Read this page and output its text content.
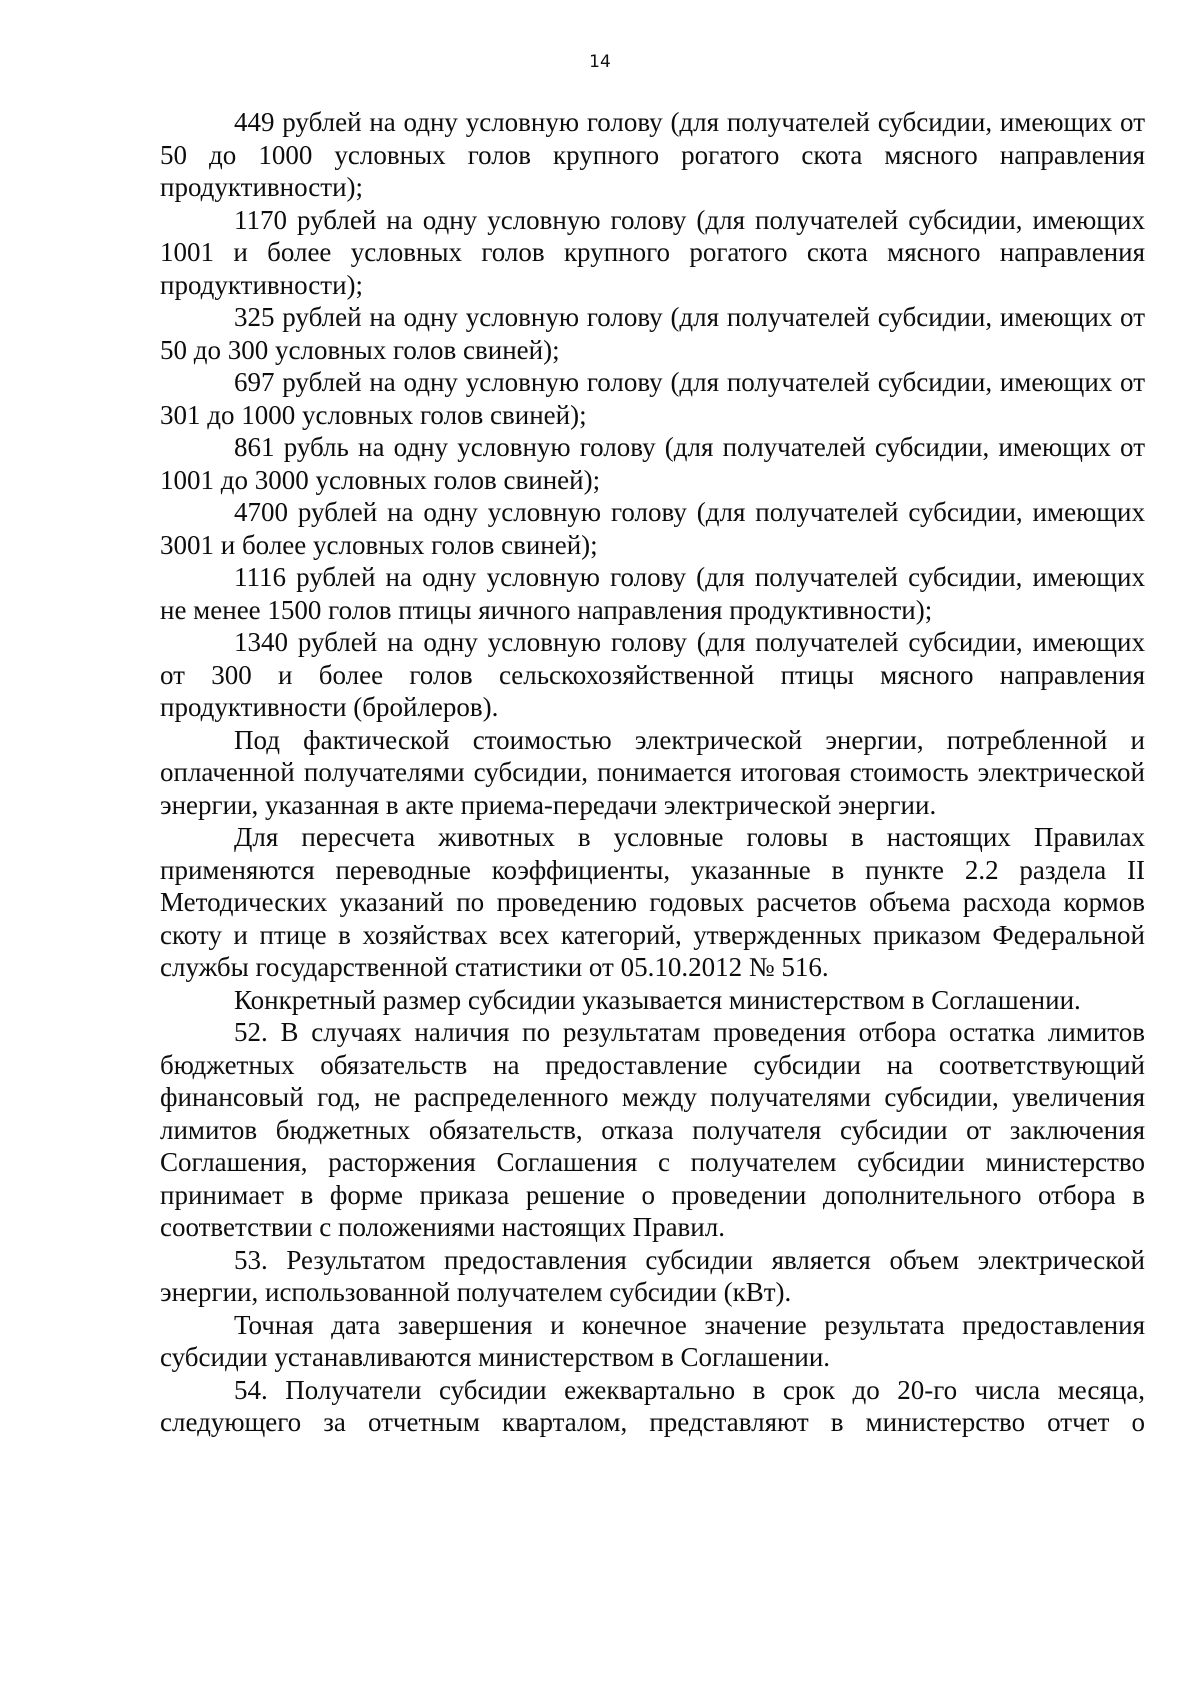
14

449 рублей на одну условную голову (для получателей субсидии, имеющих от 50 до 1000 условных голов крупного рогатого скота мясного направления продуктивности);

1170 рублей на одну условную голову (для получателей субсидии, имеющих 1001 и более условных голов крупного рогатого скота мясного направления продуктивности);

325 рублей на одну условную голову (для получателей субсидии, имеющих от 50 до 300 условных голов свиней);

697 рублей на одну условную голову (для получателей субсидии, имеющих от 301 до 1000 условных голов свиней);

861 рубль на одну условную голову (для получателей субсидии, имеющих от 1001 до 3000 условных голов свиней);

4700 рублей на одну условную голову (для получателей субсидии, имеющих 3001 и более условных голов свиней);

1116 рублей на одну условную голову (для получателей субсидии, имеющих не менее 1500 голов птицы яичного направления продуктивности);

1340 рублей на одну условную голову (для получателей субсидии, имеющих от 300 и более голов сельскохозяйственной птицы мясного направления продуктивности (бройлеров).

Под фактической стоимостью электрической энергии, потребленной и оплаченной получателями субсидии, понимается итоговая стоимость электрической энергии, указанная в акте приема-передачи электрической энергии.

Для пересчета животных в условные головы в настоящих Правилах применяются переводные коэффициенты, указанные в пункте 2.2 раздела II Методических указаний по проведению годовых расчетов объема расхода кормов скоту и птице в хозяйствах всех категорий, утвержденных приказом Федеральной службы государственной статистики от 05.10.2012 № 516.

Конкретный размер субсидии указывается министерством в Соглашении.

52. В случаях наличия по результатам проведения отбора остатка лимитов бюджетных обязательств на предоставление субсидии на соответствующий финансовый год, не распределенного между получателями субсидии, увеличения лимитов бюджетных обязательств, отказа получателя субсидии от заключения Соглашения, расторжения Соглашения с получателем субсидии министерство принимает в форме приказа решение о проведении дополнительного отбора в соответствии с положениями настоящих Правил.

53. Результатом предоставления субсидии является объем электрической энергии, использованной получателем субсидии (кВт).

Точная дата завершения и конечное значение результата предоставления субсидии устанавливаются министерством в Соглашении.

54. Получатели субсидии ежеквартально в срок до 20-го числа месяца, следующего за отчетным кварталом, представляют в министерство отчет о
